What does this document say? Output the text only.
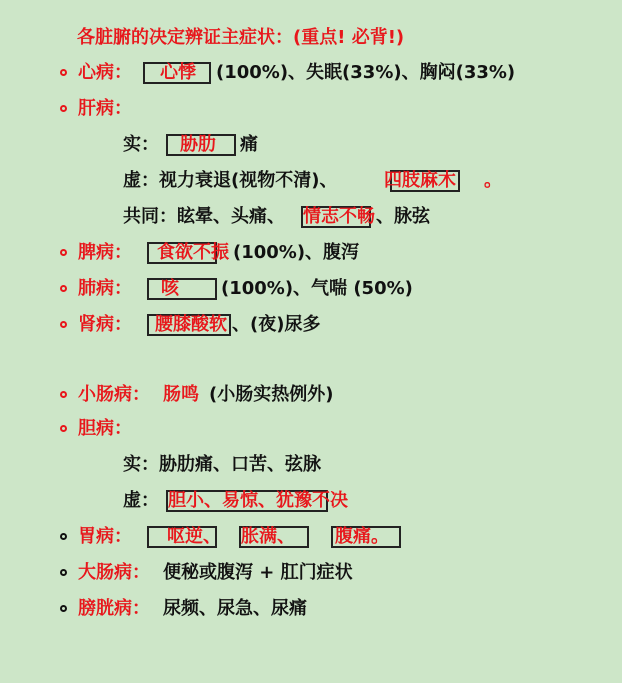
各脏腑的决定辨证主症状：(重点! 必背!)
心病：	心悸	(100%)、失眠(33%)、胸闷(33%)
肝病：
实：	胁肋	痛
虚：视力衰退(视物不清)、	四肢麻木 。
共同：眩晕、头痛、 情志不畅 、脉弦
脾病：	食欲不振 (100%)、腹泻
肺病：	咳	(100%)、气喘 (50%)
肾病：	腰膝酸软 、(夜)尿多
小肠病： 肠鸣 (小肠实热例外)
胆病：
实：胁肋痛、口苦、弦脉
虚： 胆小、易惊、犹豫不决
胃病：	呕逆、 胀满、	腹痛。
大肠病： 便秘或腹泻 + 肛门症状
膀胱病： 尿频、尿急、尿痛
